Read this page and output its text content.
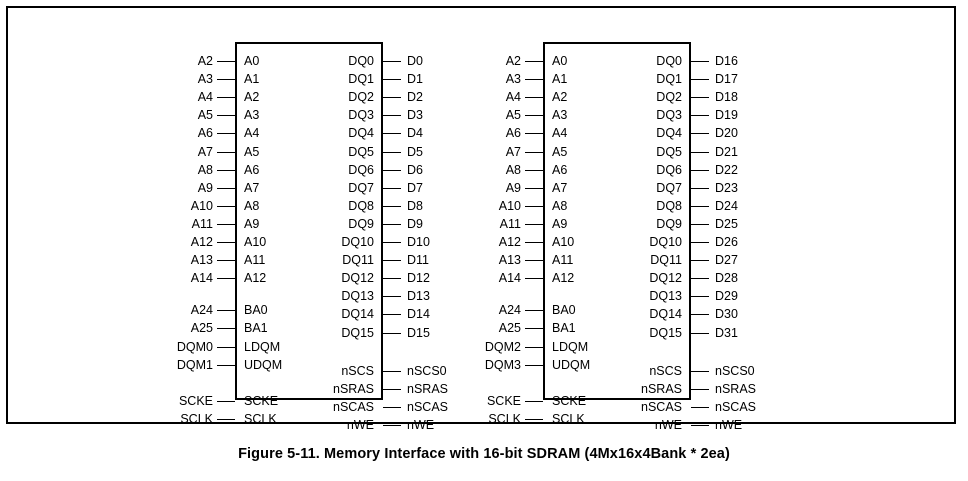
Figure 5-11. Memory Interface with 16-bit SDRAM (4Mx16x4Bank * 2ea)
A2 A0
A3 A1
A4 A2
A5 A3
A6 A4
A7 A5
A8 A6
A9 A7
A10 A8
A11 A9
A12 A10
A13 A11
A14 A12
A24 BA0
A25 BA1
DQM0 LDQM
DQM1 UDQM
SCKE SCKE
SCLK SCLK
DQ0	D0
DQ1	D1
DQ2	D2
DQ3	D3
DQ4	D4
DQ5	D5
DQ6	D6
DQ7	D7
DQ8	D8
DQ9	D9
DQ10	D10
DQ11	D11
DQ12	D12
DQ13	D13
DQ14	D14
DQ15	D15
nSCS	nSCS0
nSRAS	nSRAS
nSCAS	nSCAS
nWE	nWE
A2 A0
A3 A1
A4 A2
A5 A3
A6 A4
A7 A5
A8 A6
A9 A7
A10 A8
A11 A9
A12 A10
A13 A11
A14 A12
A24 BA0
A25 BA1
DQM2 LDQM
DQM3 UDQM
SCKE SCKE
SCLK SCLK
DQ0	D16
DQ1	D17
DQ2	D18
DQ3	D19
DQ4	D20
DQ5	D21
DQ6	D22
DQ7	D23
DQ8	D24
DQ9	D25
DQ10	D26
DQ11	D27
DQ12	D28
DQ13	D29
DQ14	D30
DQ15	D31
nSCS	nSCS0
nSRAS	nSRAS
nSCAS	nSCAS
nWE	nWE
